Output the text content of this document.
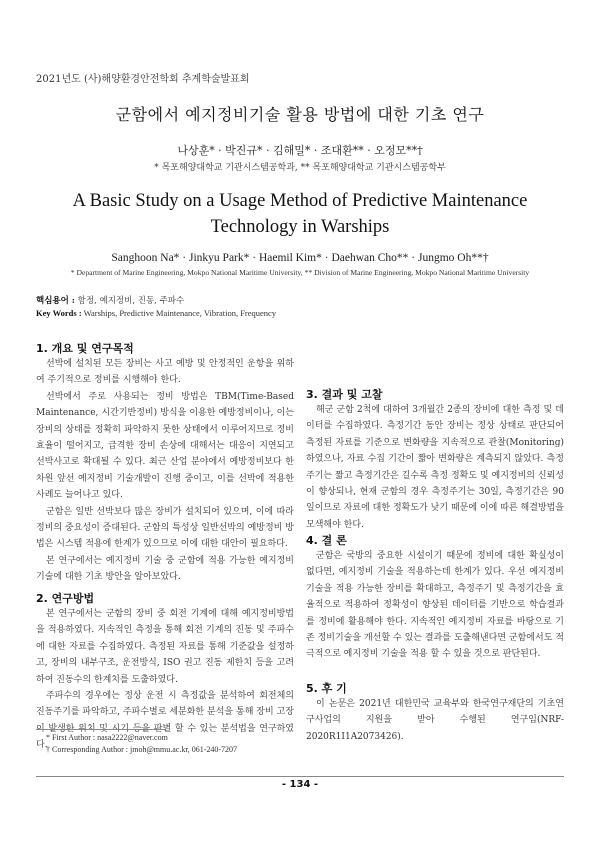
2021년도 (사)해양환경안전학회 추계학술발표회
군함에서 예지정비기술 활용 방법에 대한 기초 연구
나상훈* · 박진규* · 김해밀* · 조대환** · 오정모**†
* 목포해양대학교 기관시스템공학과, ** 목포해양대학교 기관시스템공학부
A Basic Study on a Usage Method of Predictive Maintenance Technology in Warships
Sanghoon Na* · Jinkyu Park* · Haemil Kim* · Daehwan Cho** · Jungmo Oh**†
* Department of Marine Engineering, Mokpo National Maritime University, ** Division of Marine Engineering, Mokpo National Maritime University
핵심용어 : 함정, 예지정비, 진동, 주파수
Key Words : Warships, Predictive Maintenance, Vibration, Frequency
1. 개요 및 연구목적

선박에 설치된 모든 장비는 사고 예방 및 안정적인 운항을 위하여 주기적으로 정비를 시행해야 한다.

선박에서 주로 사용되는 정비 방법은 TBM(Time-Based Maintenance, 시간기반정비) 방식을 이용한 예방정비이나, 이는 장비의 상태를 정확히 파악하지 못한 상태에서 이루어지므로 정비효율이 떨어지고, 급격한 장비 손상에 대해서는 대응이 지연되고 선박사고로 확대될 수 있다. 최근 산업 분야에서 예방정비보다 한 차원 앞선 예지정비 기술개발이 진행 중이고, 이를 선박에 적용한 사례도 늘어나고 있다.

군함은 일반 선박보다 많은 장비가 설치되어 있으며, 이에 따라 정비의 중요성이 증대된다. 군함의 특성상 일반선박의 예방정비 방법은 시스템 적용에 한계가 있으므로 이에 대한 대안이 필요하다.

본 연구에서는 예지정비 기술 중 군함에 적용 가능한 예지정비 기술에 대한 기초 방안을 알아보았다.

2. 연구방법

본 연구에서는 군함의 장비 중 회전 기계에 대해 예지정비방법을 적용하였다. 지속적인 측정을 통해 회전 기계의 진동 및 주파수에 대한 자료를 수집하였다. 측정된 자료를 통해 기준값을 설정하고, 장비의 내부구조, 운전방식, ISO 권고 진동 제한치 등을 고려하여 진동수의 한계치를 도출하였다.

주파수의 경우에는 정상 운전 시 측정값을 분석하여 회전체의 진동주기를 파악하고, 주파수별로 세분화한 분석을 통해 장비 고장이 발생한 위치 및 시기 등을 판별 할 수 있는 분석법을 연구하였다.

3. 결과 및 고찰

해군 군함 2척에 대하여 3개월간 2종의 장비에 대한 측정 및 데이터를 수집하였다. 측정기간 동안 장비는 정상 상태로 판단되어 측정된 자료를 기준으로 변화량을 지속적으로 관찰(Monitoring) 하였으나, 자료 수집 기간이 짧아 변화량은 계측되지 않았다. 측정주기는 짧고 측정기간은 길수록 측정 정확도 및 예지정비의 신뢰성이 향상되나, 현재 군함의 경우 측정주기는 30일, 측정기간은 90일이므로 자료에 대한 정확도가 낮기 때문에 이에 따른 해결방법을 모색해야 한다.

4. 결 론

군함은 국방의 중요한 시설이기 때문에 정비에 대한 확실성이 없다면, 예지정비 기술을 적용하는데 한계가 있다. 우선 예지정비 기술을 적용 가능한 장비를 확대하고, 측정주기 및 측정기간을 효율적으로 적용하여 정확성이 향상된 데이터를 기반으로 학습결과를 정비에 활용해야 한다. 지속적인 예지정비 자료를 바탕으로 기존 정비기술을 개선할 수 있는 결과를 도출해낸다면 군함에서도 적극적으로 예지정비 기술을 적용 할 수 있을 것으로 판단된다.

5. 후 기

이 논문은 2021년 대한민국 교육부와 한국연구재단의 기초연구사업의 지원을 받아 수행된 연구임(NRF-2020R1I1A2073426).

* First Author : nasa2222@naver.com
† Corresponding Author : jmoh@mmu.ac.kr, 061-240-7207
- 134 -
